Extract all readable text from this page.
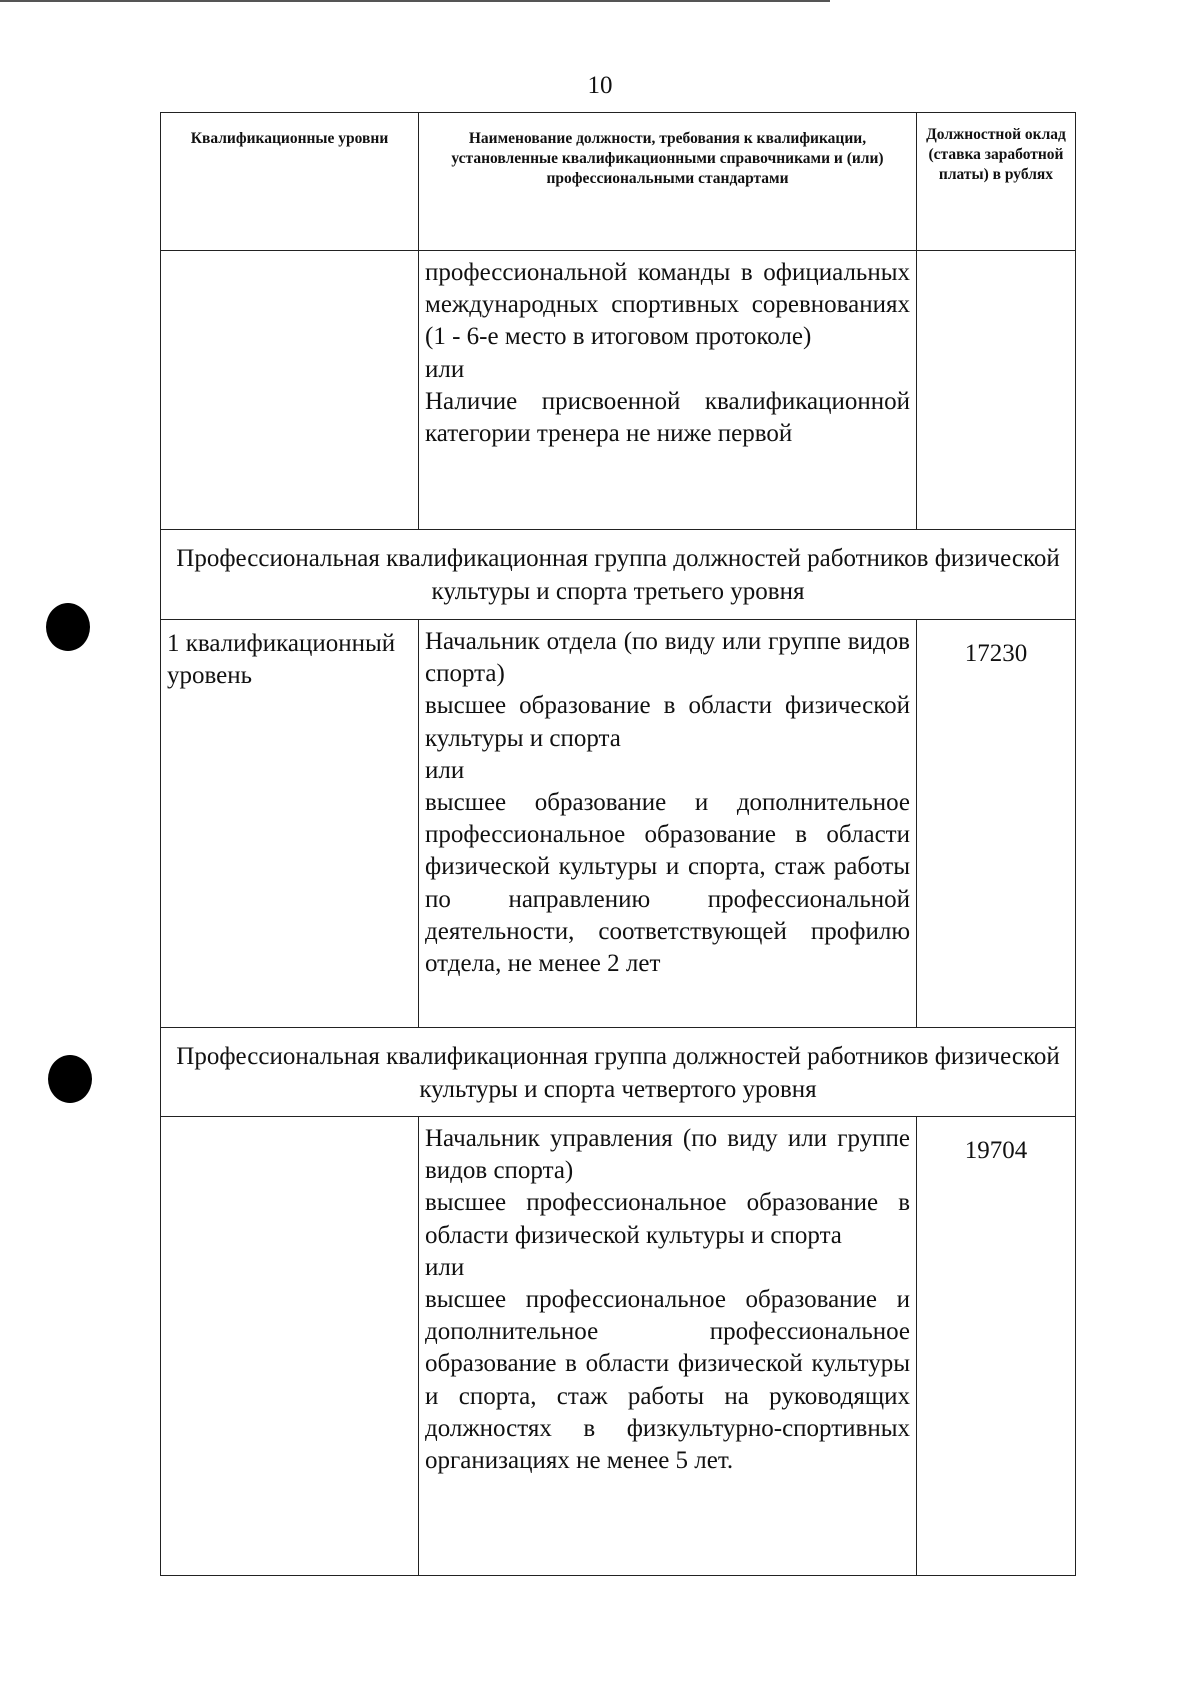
10
Квалификационные уровни	Наименование должности, требования к квалификации, установленные квалификационными справочниками и (или) профессиональными стандартами	Должностной оклад (ставка заработной платы) в рублях

	профессиональной команды в официальных международных спортивных соревнованиях (1 - 6-е место в итоговом протоколе)

или

Наличие присвоенной квалификационной категории тренера не ниже первой	

Профессиональная квалификационная группа должностей работников физической культуры и спорта третьего уровня		
1 квалификационный уровень	Начальник отдела (по виду или группе видов спорта)

высшее образование в области физической культуры и спорта

или

высшее образование и дополнительное профессиональное образование в области физической культуры и спорта, стаж работы по направлению профессиональной деятельности, соответствующей профилю отдела, не менее 2 лет	17230
Профессиональная квалификационная группа должностей работников физической культуры и спорта четвертого уровня		

	Начальник управления (по виду или группе видов спорта)

высшее профессиональное образование в области физической культуры и спорта

или

высшее профессиональное образование и дополнительное профессиональное образование в области физической культуры и спорта, стаж работы на руководящих должностях в физкультурно-спортивных организациях не менее 5 лет.	19704
